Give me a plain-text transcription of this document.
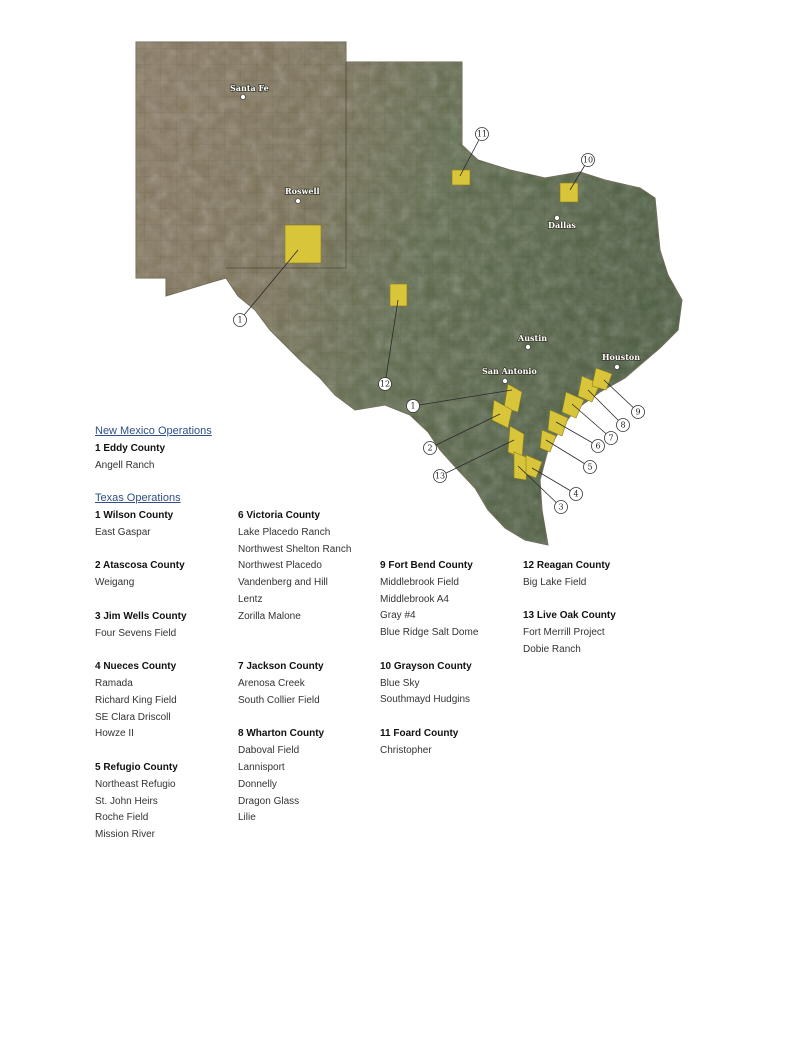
Santa Fe
Roswell
Dallas
Austin
San Antonio
Houston
1
11
10
12
1
2
13
3
4
5
6
7
8
9
New Mexico Operations
1 Eddy County
Angell Ranch
Texas Operations
1 Wilson County
East Gaspar
2 Atascosa County
Weigang
3 Jim Wells County
Four Sevens Field
4 Nueces County
Ramada
Richard King Field
SE Clara Driscoll
Howze II
5 Refugio County
Northeast Refugio
St. John Heirs
Roche Field
Mission River
6 Victoria County
Lake Placedo Ranch
Northwest Shelton Ranch
Northwest Placedo
Vandenberg and Hill
Lentz
Zorilla Malone
7 Jackson County
Arenosa Creek
South Collier Field
8 Wharton County
Daboval Field
Lannisport
Donnelly
Dragon Glass
Lilie
9 Fort Bend County
Middlebrook Field
Middlebrook A4
Gray #4
Blue Ridge Salt Dome
10 Grayson County
Blue Sky
Southmayd Hudgins
11 Foard County
Christopher
12 Reagan County
Big Lake Field
13 Live Oak County
Fort Merrill Project
Dobie Ranch
